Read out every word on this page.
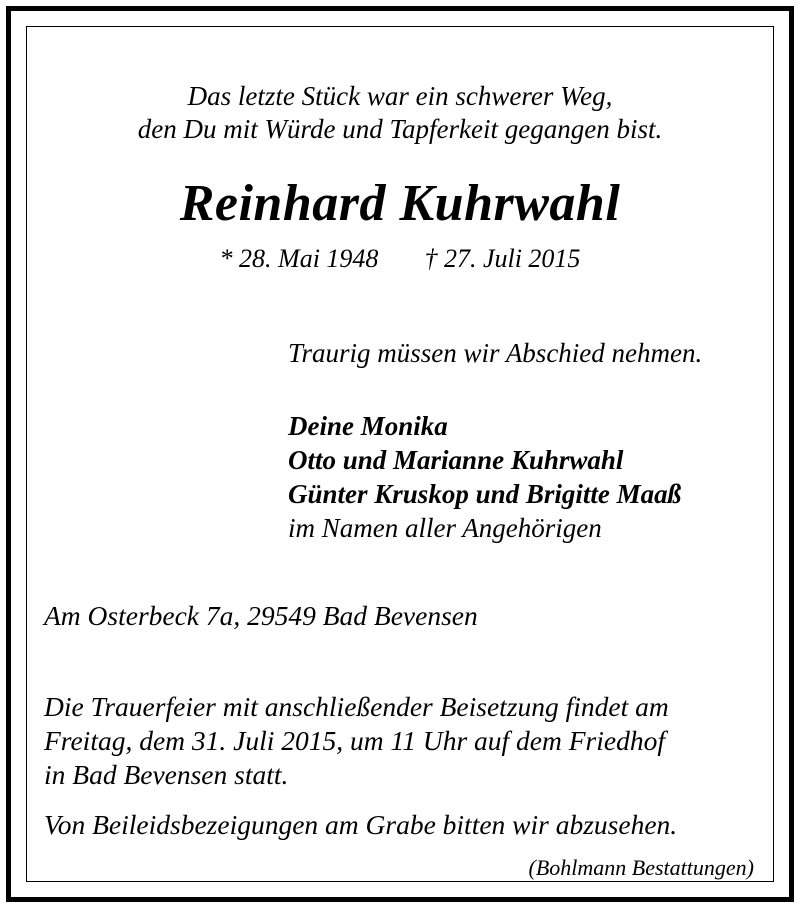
Das letzte Stück war ein schwerer Weg,
den Du mit Würde und Tapferkeit gegangen bist.
Reinhard Kuhrwahl
* 28. Mai 1948 † 27. Juli 2015
Traurig müssen wir Abschied nehmen.
Deine Monika
Otto und Marianne Kuhrwahl
Günter Kruskop und Brigitte Maaß
im Namen aller Angehörigen
Am Osterbeck 7a, 29549 Bad Bevensen
Die Trauerfeier mit anschließender Beisetzung findet am
Freitag, dem 31. Juli 2015, um 11 Uhr auf dem Friedhof
in Bad Bevensen statt.
Von Beileidsbezeigungen am Grabe bitten wir abzusehen.
(Bohlmann Bestattungen)
